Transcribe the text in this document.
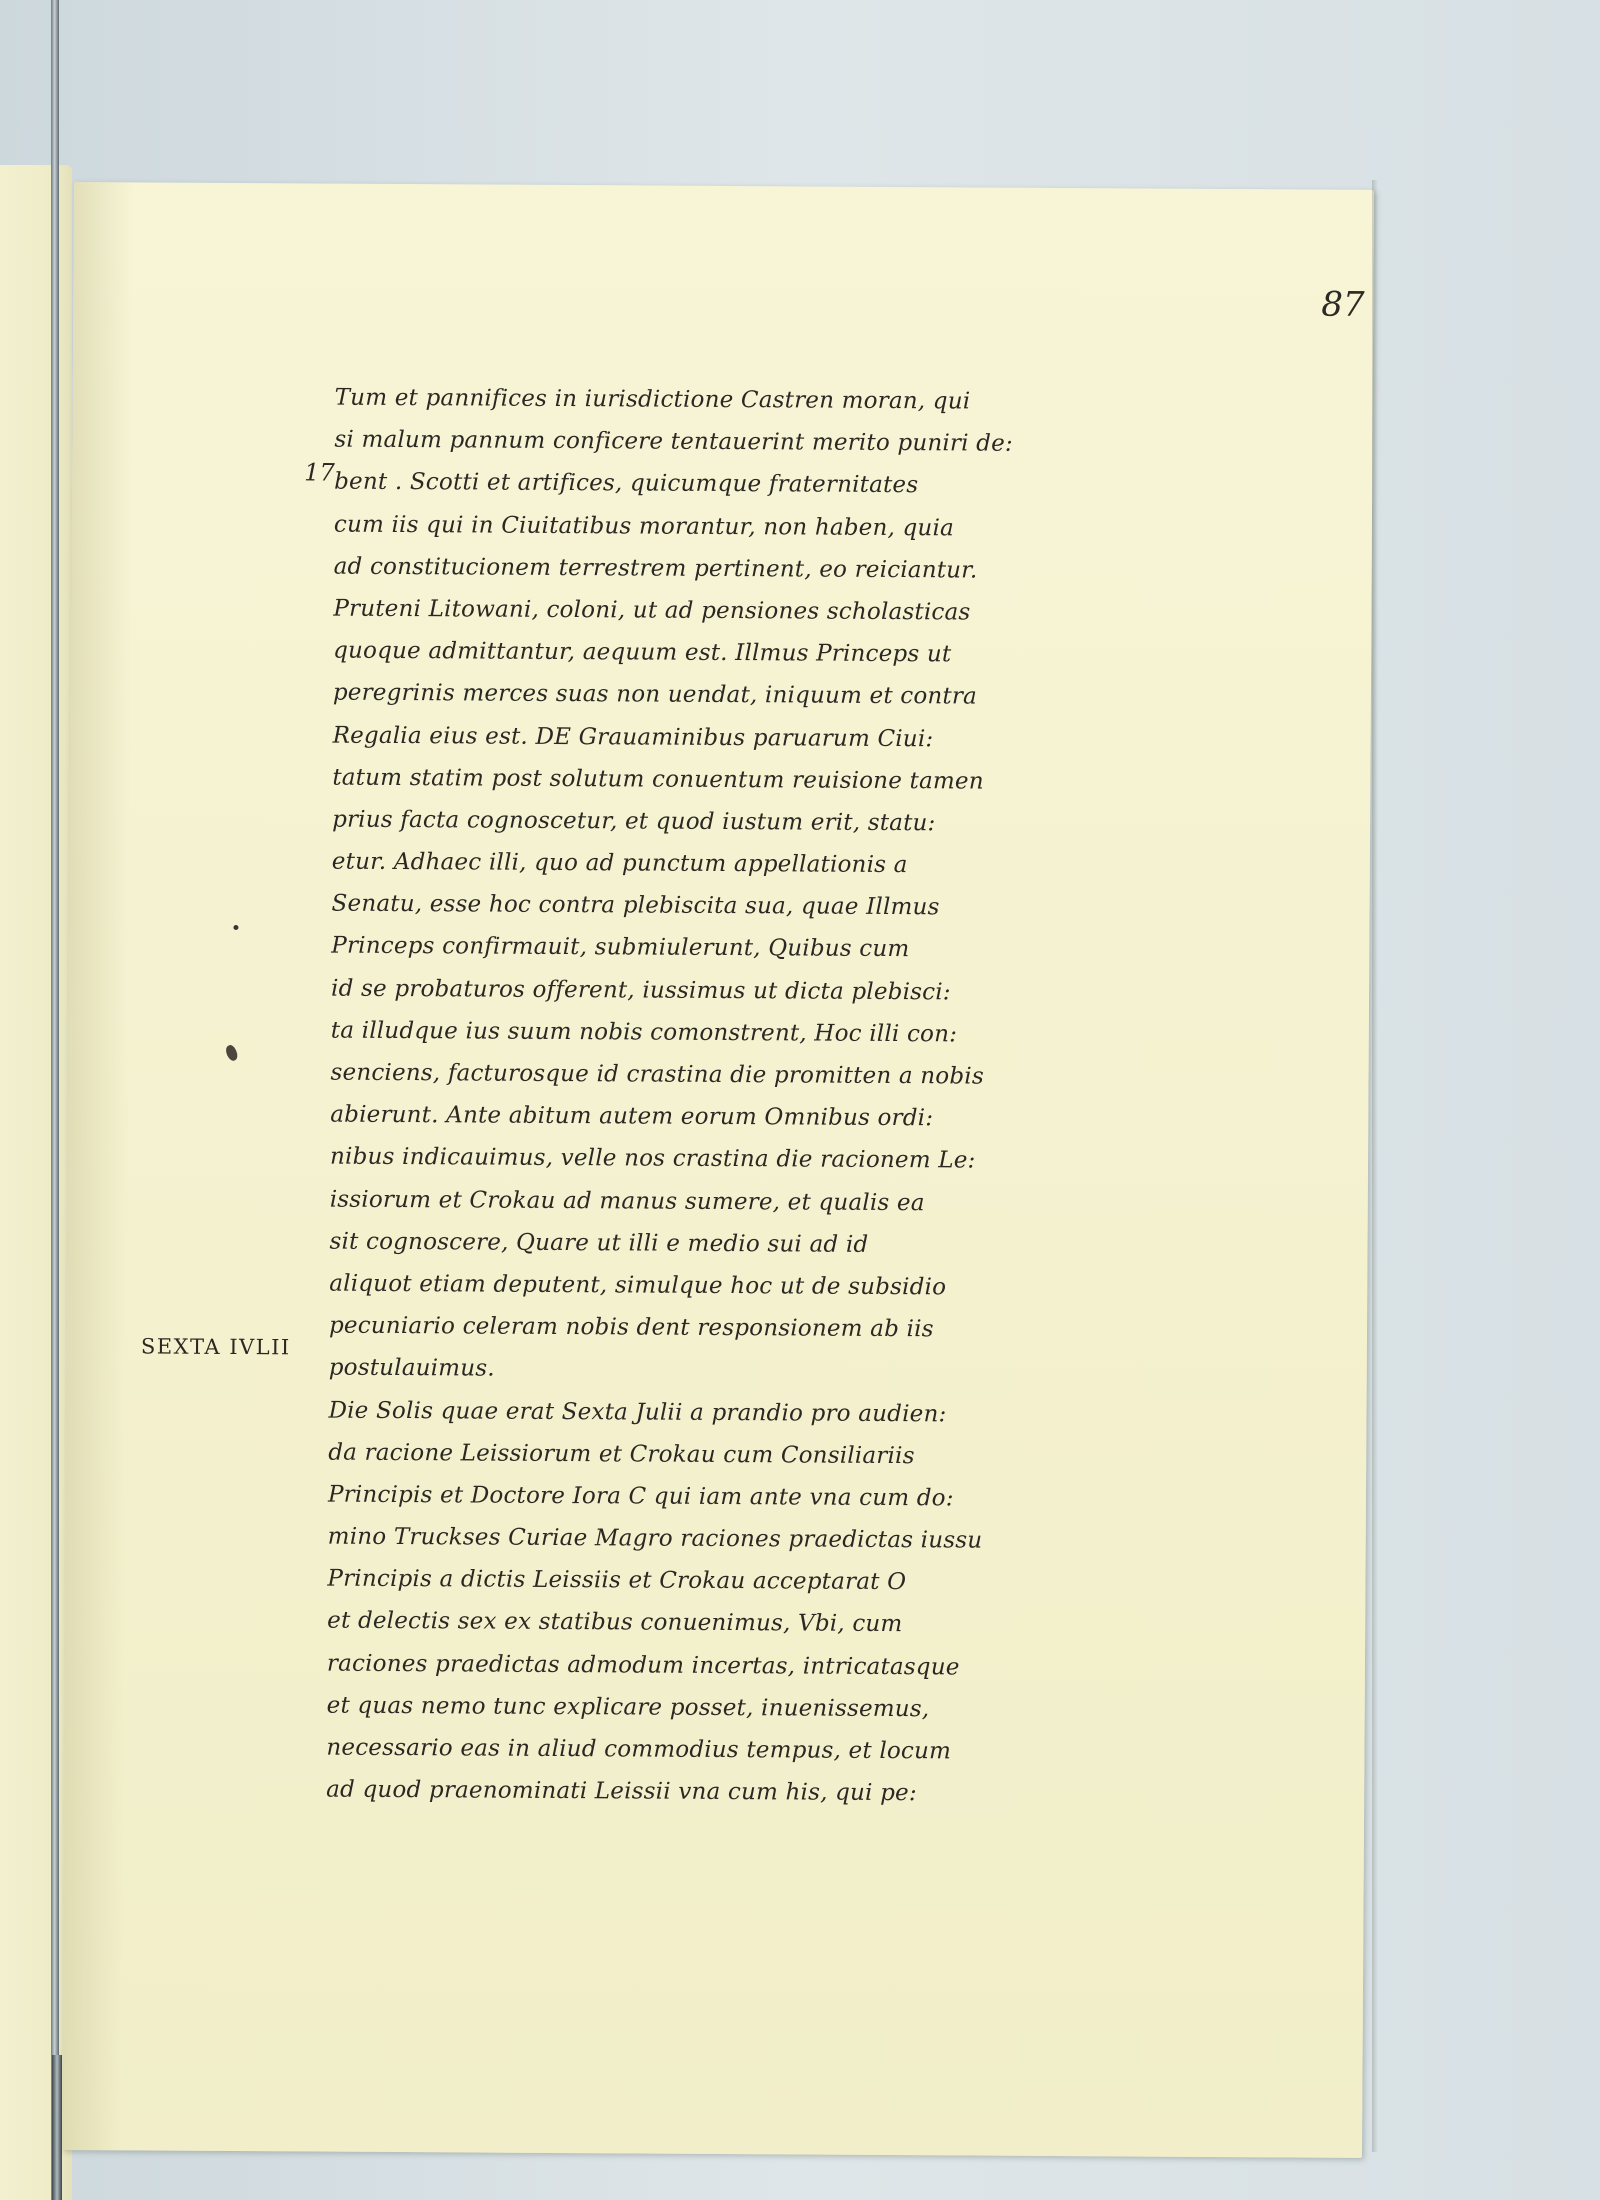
87
17
SEXTA IVLII
Tum et pannifices in iurisdictione Castren moran, qui
si malum pannum conficere tentauerint merito puniri de:
bent . Scotti et artifices, quicumque fraternitates
cum iis qui in Ciuitatibus morantur, non haben, quia
ad constitucionem terrestrem pertinent, eo reiciantur.
Pruteni Litowani, coloni, ut ad pensiones scholasticas
quoque admittantur, aequum est. Illmus Princeps ut
peregrinis merces suas non uendat, iniquum et contra
Regalia eius est. DE Grauaminibus paruarum Ciui:
tatum statim post solutum conuentum reuisione tamen
prius facta cognoscetur, et quod iustum erit, statu:
etur. Adhaec illi, quo ad punctum appellationis a
Senatu, esse hoc contra plebiscita sua, quae Illmus
Princeps confirmauit, submiulerunt, Quibus cum
id se probaturos offerent, iussimus ut dicta plebisci:
ta illudque ius suum nobis comonstrent, Hoc illi con:
senciens, facturosque id crastina die promitten a nobis
abierunt. Ante abitum autem eorum Omnibus ordi:
nibus indicauimus, velle nos crastina die racionem Le:
issiorum et Crokau ad manus sumere, et qualis ea
sit cognoscere, Quare ut illi e medio sui ad id
aliquot etiam deputent, simulque hoc ut de subsidio
pecuniario celeram nobis dent responsionem ab iis
postulauimus.
Die Solis quae erat Sexta Julii a prandio pro audien:
da racione Leissiorum et Crokau cum Consiliariis
Principis et Doctore Iora C qui iam ante vna cum do:
mino Truckses Curiae Magro raciones praedictas iussu
Principis a dictis Leissiis et Crokau acceptarat O
et delectis sex ex statibus conuenimus, Vbi, cum
raciones praedictas admodum incertas, intricatasque
et quas nemo tunc explicare posset, inuenissemus,
necessario eas in aliud commodius tempus, et locum
ad quod praenominati Leissii vna cum his, qui pe:
